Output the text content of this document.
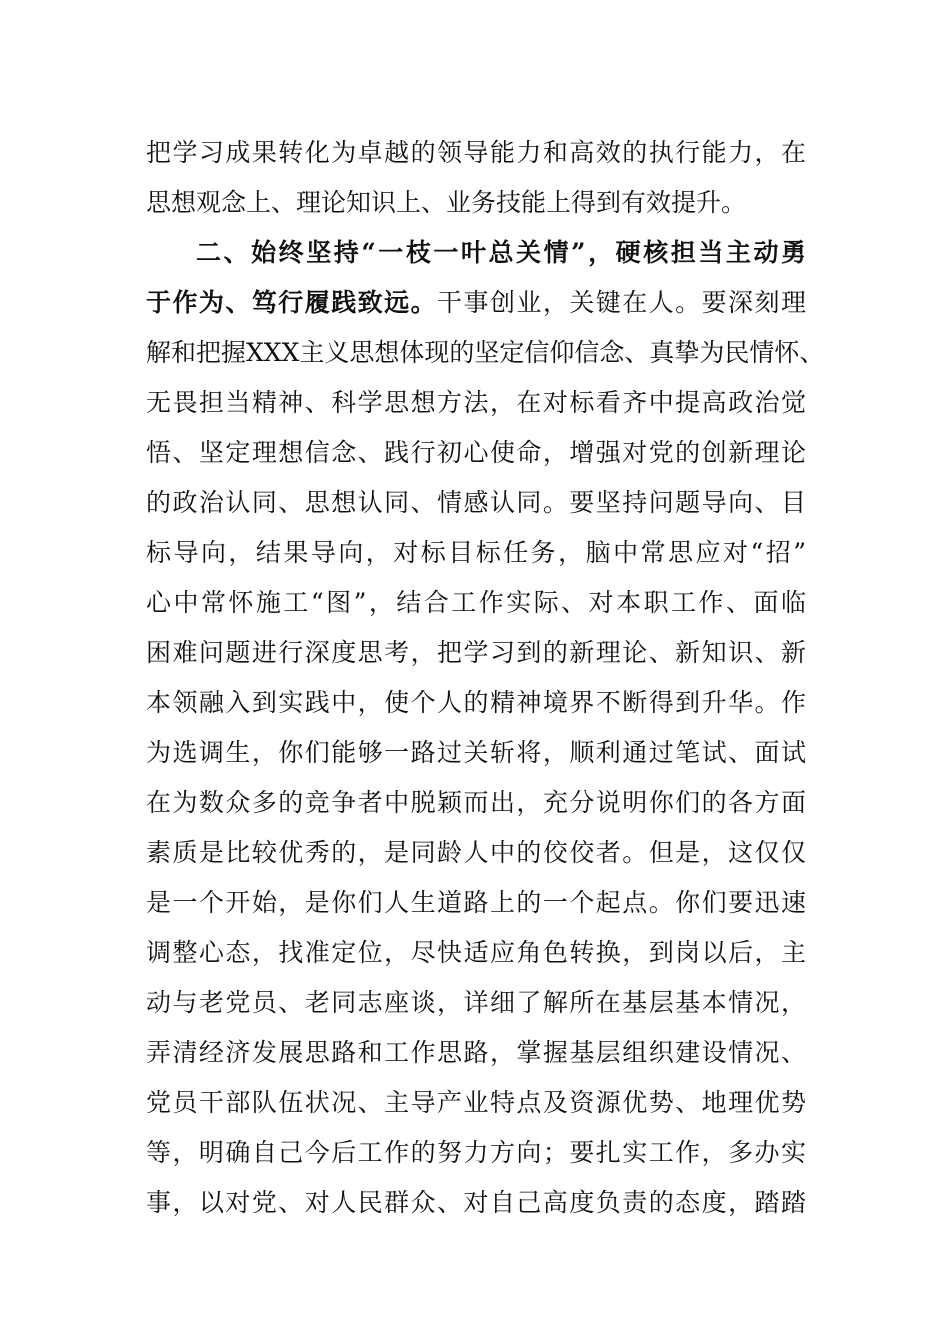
把学习成果转化为卓越的领导能力和高效的执行能力，在
思想观念上、理论知识上、业务技能上得到有效提升。
二、始终坚持“一枝一叶总关情”，硬核担当主动勇
于作为、笃行履践致远。干事创业，关键在人。要深刻理
解和把握XXX主义思想体现的坚定信仰信念、真挚为民情怀、
无畏担当精神、科学思想方法，在对标看齐中提高政治觉
悟、坚定理想信念、践行初心使命，增强对党的创新理论
的政治认同、思想认同、情感认同。要坚持问题导向、目
标导向，结果导向，对标目标任务，脑中常思应对“招”
心中常怀施工“图”，结合工作实际、对本职工作、面临
困难问题进行深度思考，把学习到的新理论、新知识、新
本领融入到实践中，使个人的精神境界不断得到升华。作
为选调生，你们能够一路过关斩将，顺利通过笔试、面试
在为数众多的竞争者中脱颖而出，充分说明你们的各方面
素质是比较优秀的，是同龄人中的佼佼者。但是，这仅仅
是一个开始，是你们人生道路上的一个起点。你们要迅速
调整心态，找准定位，尽快适应角色转换，到岗以后，主
动与老党员、老同志座谈，详细了解所在基层基本情况，
弄清经济发展思路和工作思路，掌握基层组织建设情况、
党员干部队伍状况、主导产业特点及资源优势、地理优势
等，明确自己今后工作的努力方向；要扎实工作，多办实
事，以对党、对人民群众、对自己高度负责的态度，踏踏
